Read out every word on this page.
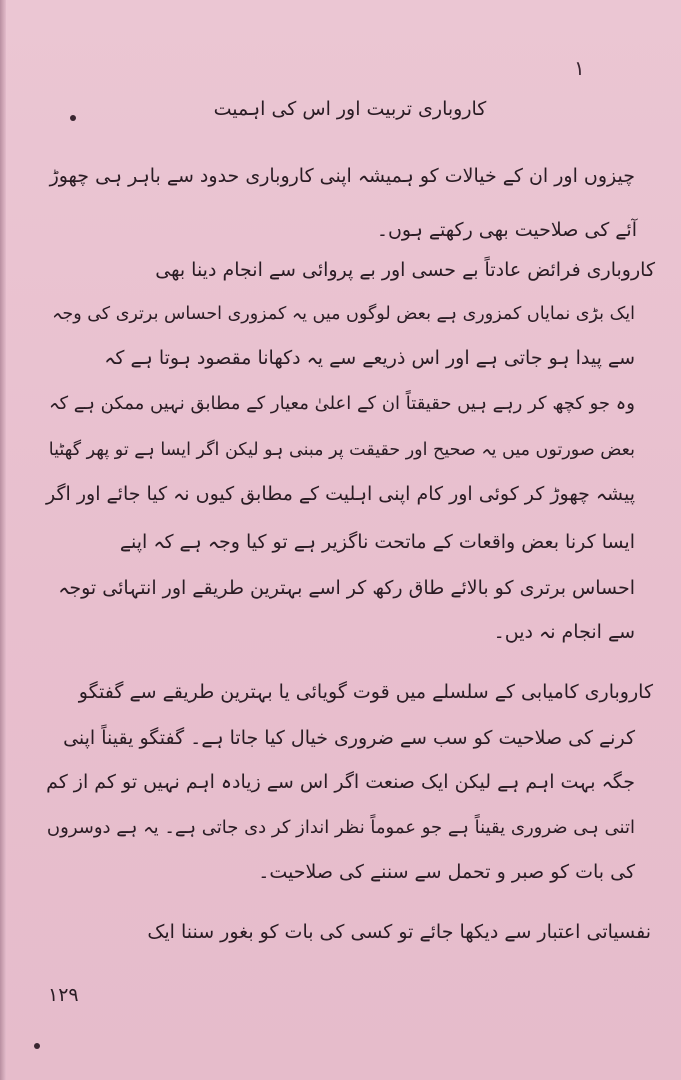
۱
کاروباری تربیت اور اس کی اہمیت
چیزوں اور ان کے خیالات کو ہمیشہ اپنی کاروباری حدود سے باہر ہی چھوڑ
آئے کی صلاحیت بھی رکھتے ہوں۔
کاروباری فرائض عادتاً بے حسی اور بے پروائی سے انجام دینا بھی
ایک بڑی نمایاں کمزوری ہے بعض لوگوں میں یہ کمزوری احساس برتری کی وجہ
سے پیدا ہو جاتی ہے اور اس ذریعے سے یہ دکھانا مقصود ہوتا ہے کہ
وہ جو کچھ کر رہے ہیں حقیقتاً ان کے اعلیٰ معیار کے مطابق نہیں ممکن ہے کہ
بعض صورتوں میں یہ صحیح اور حقیقت پر مبنی ہو لیکن اگر ایسا ہے تو پھر گھٹیا
پیشہ چھوڑ کر کوئی اور کام اپنی اہلیت کے مطابق کیوں نہ کیا جائے اور اگر
ایسا کرنا بعض واقعات کے ماتحت ناگزیر ہے تو کیا وجہ ہے کہ اپنے
احساس برتری کو بالائے طاق رکھ کر اسے بہترین طریقے اور انتہائی توجہ
سے انجام نہ دیں۔
کاروباری کامیابی کے سلسلے میں قوت گویائی یا بہترین طریقے سے گفتگو
کرنے کی صلاحیت کو سب سے ضروری خیال کیا جاتا ہے۔ گفتگو یقیناً اپنی
جگہ بہت اہم ہے لیکن ایک صنعت اگر اس سے زیادہ اہم نہیں تو کم از کم
اتنی ہی ضروری یقیناً ہے جو عموماً نظر انداز کر دی جاتی ہے۔ یہ ہے دوسروں
کی بات کو صبر و تحمل سے سننے کی صلاحیت۔
نفسیاتی اعتبار سے دیکھا جائے تو کسی کی بات کو بغور سننا ایک
۱۲۹
